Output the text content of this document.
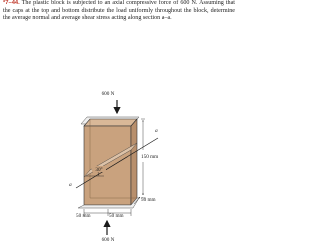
*7–44. The plastic block is subjected to an axial compressive force of 600 N. Assuming that the caps at the top and bottom distribute the load uniformly throughout the block, determine the average normal and average shear stress acting along section a–a.
600 N
a
a
30°
150 mm
50 mm
50 mm	50 mm
600 N
